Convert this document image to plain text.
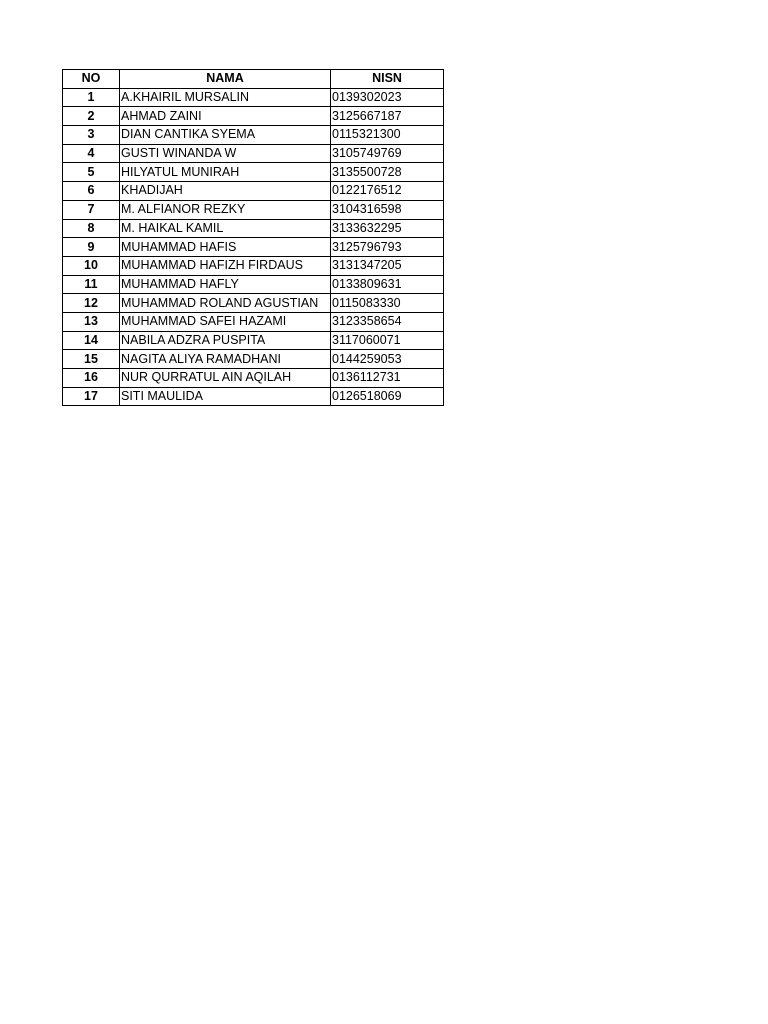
NO	NAMA	NISN
1	A.KHAIRIL MURSALIN	0139302023
2	AHMAD ZAINI	3125667187
3	DIAN CANTIKA SYEMA	0115321300
4	GUSTI WINANDA W	3105749769
5	HILYATUL MUNIRAH	3135500728
6	KHADIJAH	0122176512
7	M. ALFIANOR REZKY	3104316598
8	M. HAIKAL KAMIL	3133632295
9	MUHAMMAD HAFIS	3125796793
10	MUHAMMAD HAFIZH FIRDAUS	3131347205
11	MUHAMMAD HAFLY	0133809631
12	MUHAMMAD ROLAND AGUSTIAN	0115083330
13	MUHAMMAD SAFEI HAZAMI	3123358654
14	NABILA ADZRA PUSPITA	3117060071
15	NAGITA ALIYA RAMADHANI	0144259053
16	NUR QURRATUL AIN AQILAH	0136112731
17	SITI MAULIDA	0126518069
